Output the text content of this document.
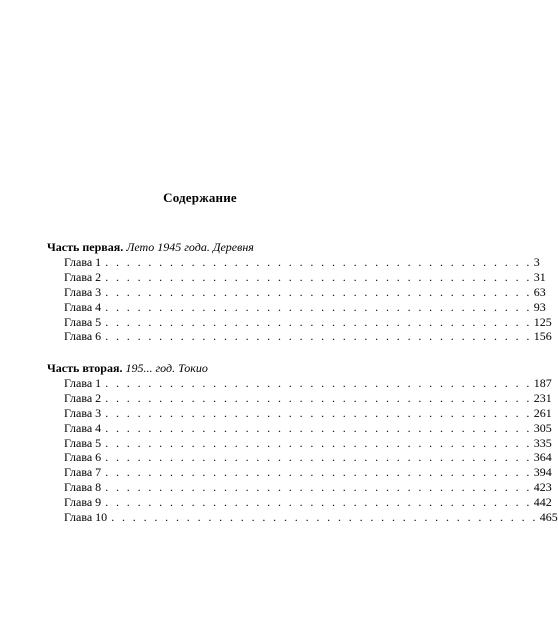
Содержание
Часть первая. Лето 1945 года. Деревня
Глава 1 . . . . . . . . . . . . . . . . . . . . . . . . . . . . . . . . . . . . . . . . 3
Глава 2 . . . . . . . . . . . . . . . . . . . . . . . . . . . . . . . . . . . . . . . . 31
Глава 3 . . . . . . . . . . . . . . . . . . . . . . . . . . . . . . . . . . . . . . . . 63
Глава 4 . . . . . . . . . . . . . . . . . . . . . . . . . . . . . . . . . . . . . . . . 93
Глава 5 . . . . . . . . . . . . . . . . . . . . . . . . . . . . . . . . . . . . . . . . 125
Глава 6 . . . . . . . . . . . . . . . . . . . . . . . . . . . . . . . . . . . . . . . . 156
Часть вторая. 195... год. Токио
Глава 1 . . . . . . . . . . . . . . . . . . . . . . . . . . . . . . . . . . . . . . . . 187
Глава 2 . . . . . . . . . . . . . . . . . . . . . . . . . . . . . . . . . . . . . . . . 231
Глава 3 . . . . . . . . . . . . . . . . . . . . . . . . . . . . . . . . . . . . . . . . 261
Глава 4 . . . . . . . . . . . . . . . . . . . . . . . . . . . . . . . . . . . . . . . . 305
Глава 5 . . . . . . . . . . . . . . . . . . . . . . . . . . . . . . . . . . . . . . . . 335
Глава 6 . . . . . . . . . . . . . . . . . . . . . . . . . . . . . . . . . . . . . . . . 364
Глава 7 . . . . . . . . . . . . . . . . . . . . . . . . . . . . . . . . . . . . . . . . 394
Глава 8 . . . . . . . . . . . . . . . . . . . . . . . . . . . . . . . . . . . . . . . . 423
Глава 9 . . . . . . . . . . . . . . . . . . . . . . . . . . . . . . . . . . . . . . . . 442
Глава 10 . . . . . . . . . . . . . . . . . . . . . . . . . . . . . . . . . . . . . . . . 465
